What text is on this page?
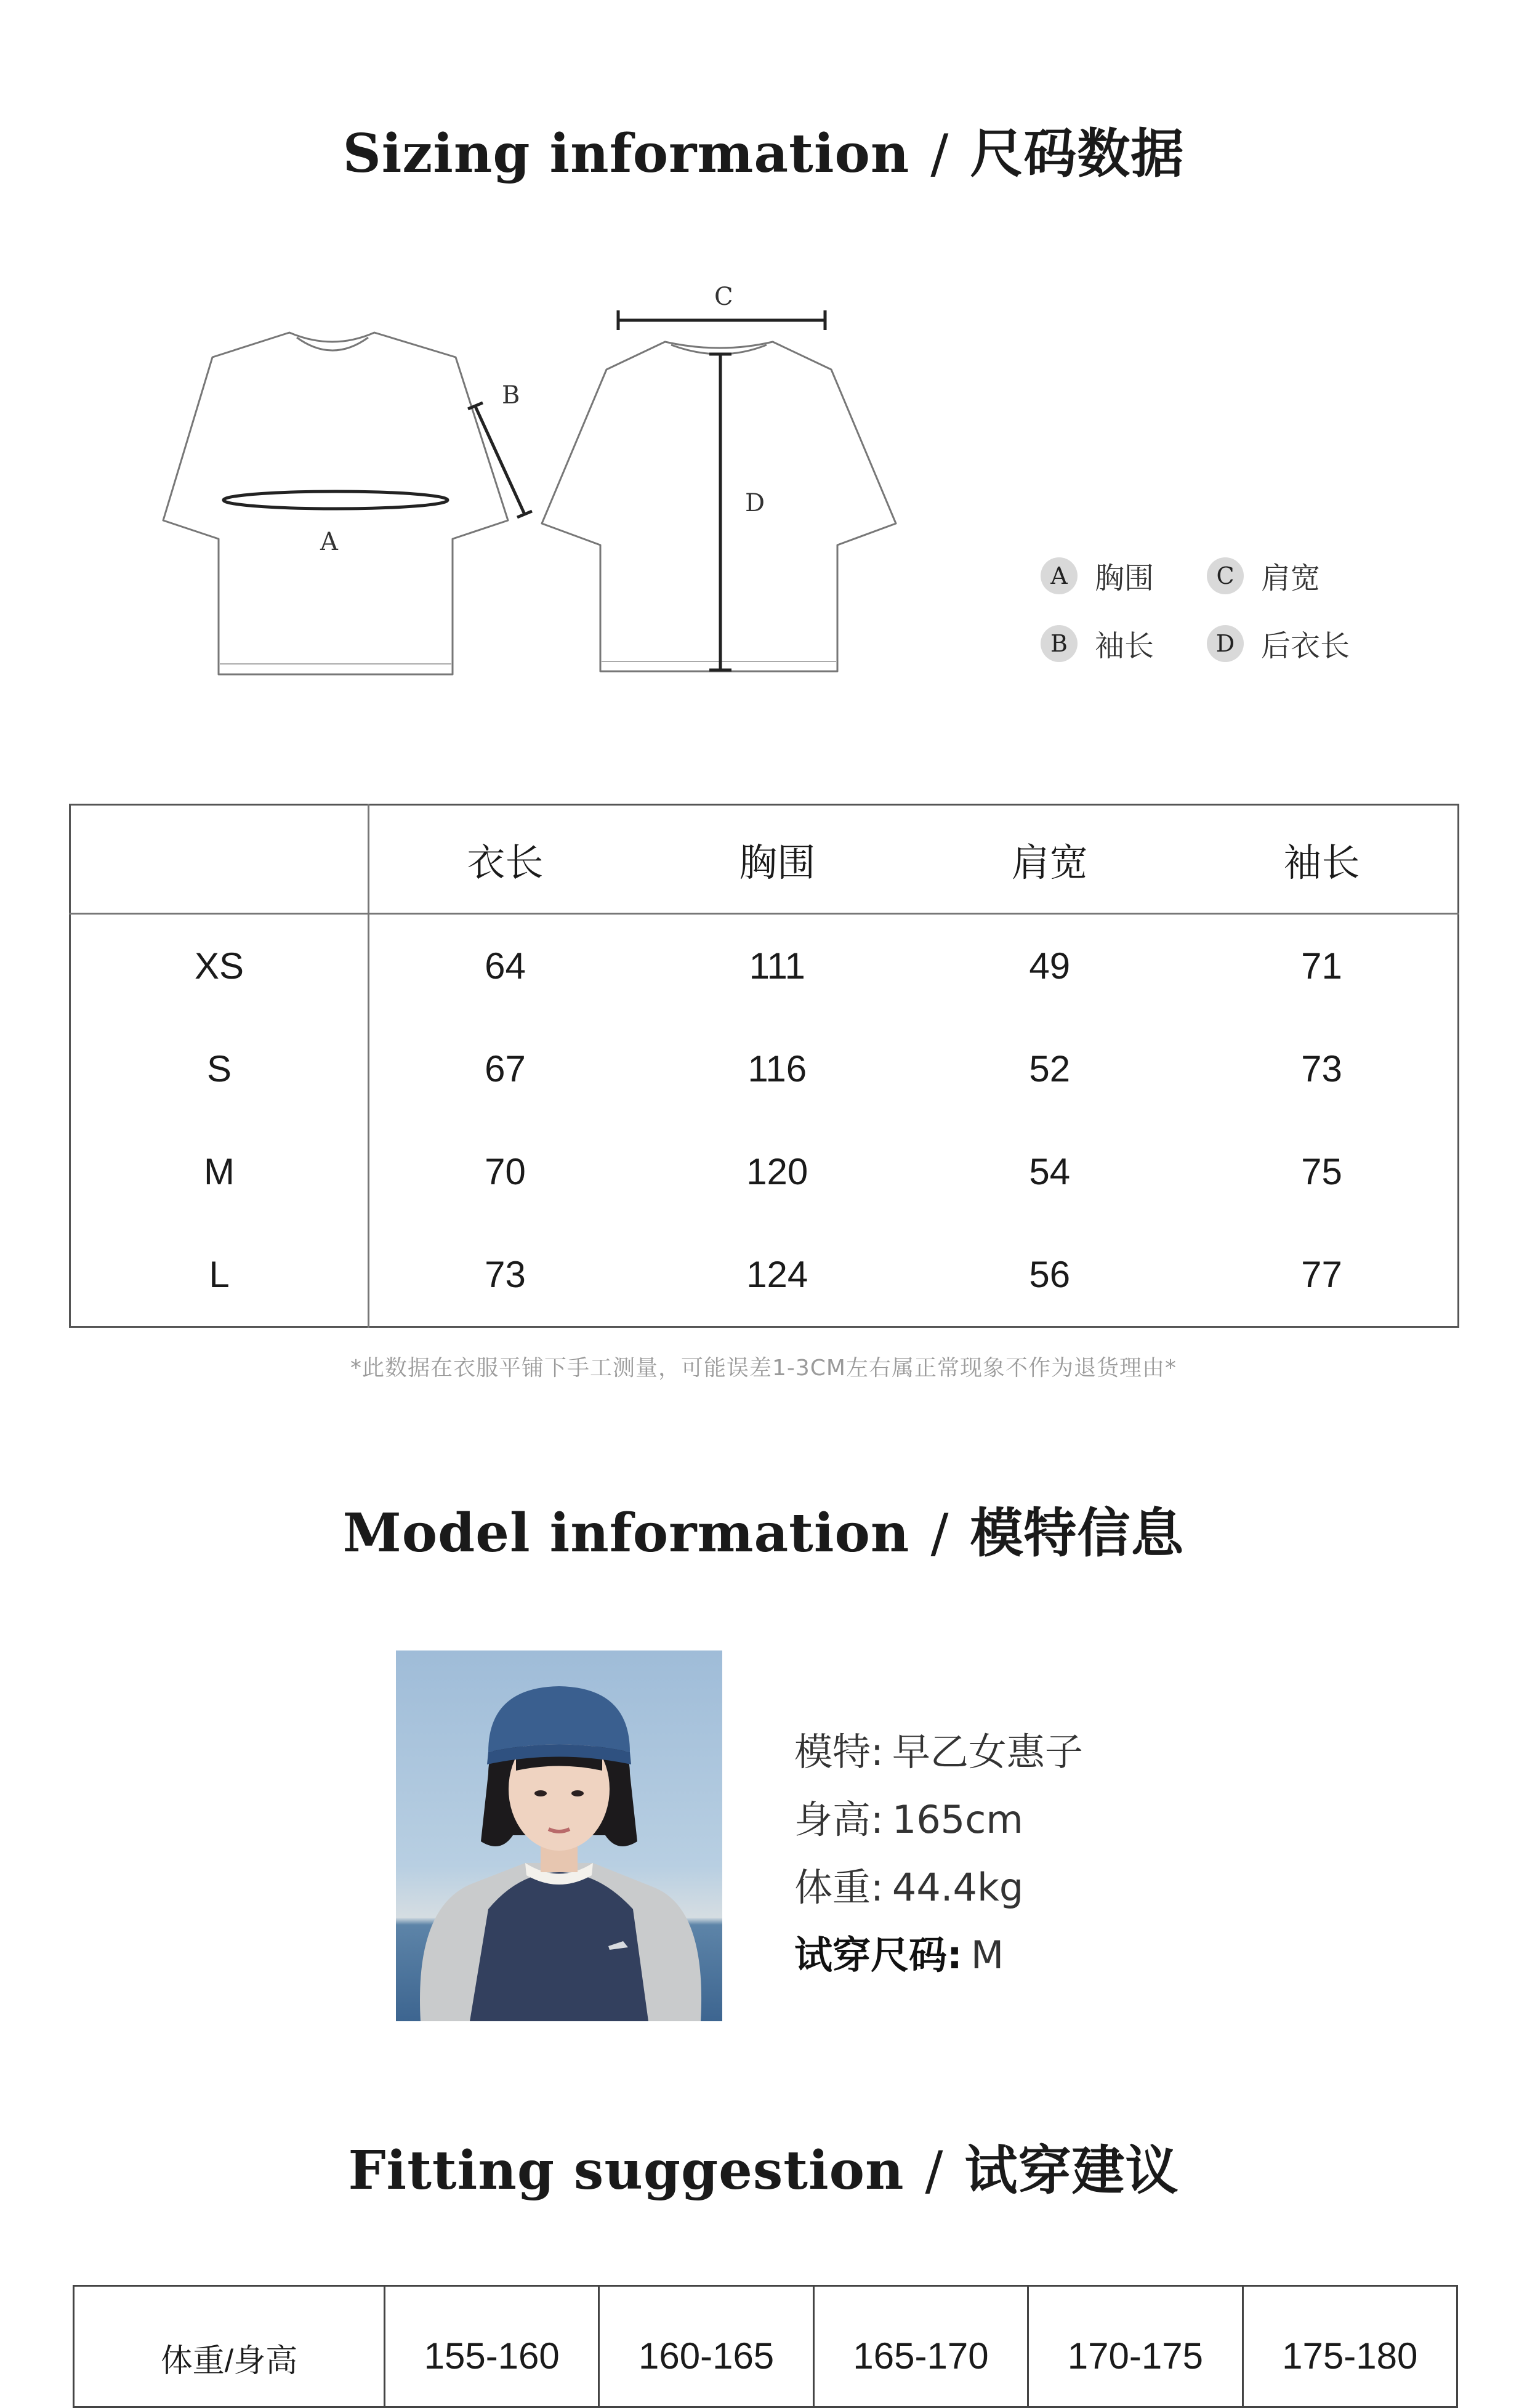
Sizing information / 尺码数据
A
B
C
D
A 胸围	C 肩宽
B 袖长	D 后衣长
	衣长	胸围	肩宽	袖长
XS	64	111	49	71
S	67	116	52	73
M	70	120	54	75
L	73	124	56	77
*此数据在衣服平铺下手工测量，可能误差1-3CM左右属正常现象不作为退货理由*
Model information / 模特信息
模特: 早乙女惠子
身高: 165cm
体重: 44.4kg
试穿尺码: M
Fitting suggestion / 试穿建议
体重/身高	155-160	160-165	165-170	170-175	175-180
